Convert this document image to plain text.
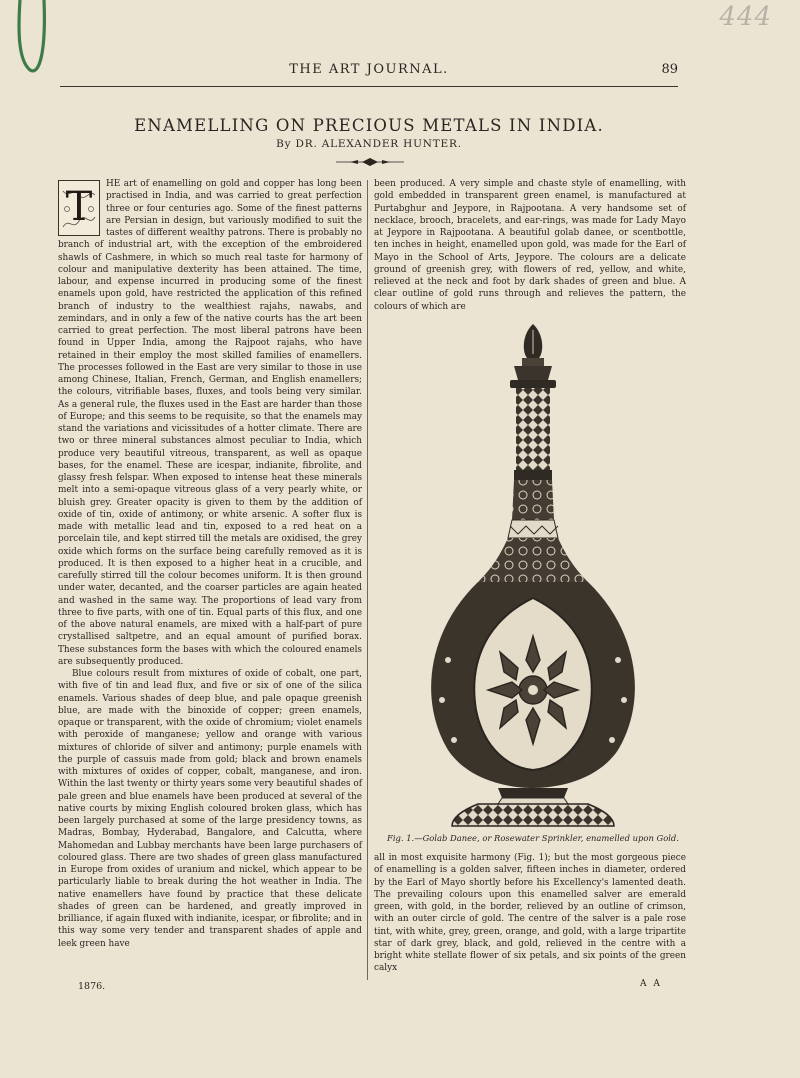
444
THE ART JOURNAL.	89
ENAMELLING ON PRECIOUS METALS IN INDIA.
By DR. ALEXANDER HUNTER.
T	HE art of enamelling on gold and copper has long been practised in India, and was carried to great perfection three or four centuries ago. Some of the finest patterns are Persian in design, but variously modified to suit the tastes of different wealthy patrons. There is probably no branch of industrial art, with the exception of the embroidered shawls of Cashmere, in which so much real taste for harmony of colour and manipulative dexterity has been attained. The time, labour, and expense incurred in producing some of the finest enamels upon gold, have restricted the application of this refined branch of industry to the wealthiest rajahs, nawabs, and zemindars, and in only a few of the native courts has the art been carried to great perfection. The most liberal patrons have been found in Upper India, among the Rajpoot rajahs, who have retained in their employ the most skilled families of enamellers. The processes followed in the East are very similar to those in use among Chinese, Italian, French, German, and English enamellers; the colours, vitrifiable bases, fluxes, and tools being very similar. As a general rule, the fluxes used in the East are harder than those of Europe; and this seems to be requisite, so that the enamels may stand the variations and vicissitudes of a hotter climate. There are two or three mineral substances almost peculiar to India, which produce very beautiful vitreous, transparent, as well as opaque bases, for the enamel. These are icespar, indianite, fibrolite, and glassy fresh felspar. When exposed to intense heat these minerals melt into a semi-opaque vitreous glass of a very pearly white, or bluish grey. Greater opacity is given to them by the addition of oxide of tin, oxide of antimony, or white arsenic. A softer flux is made with metallic lead and tin, exposed to a red heat on a porcelain tile, and kept stirred till the metals are oxidised, the grey oxide which forms on the surface being carefully removed as it is produced. It is then exposed to a higher heat in a crucible, and carefully stirred till the colour becomes uniform. It is then ground under water, decanted, and the coarser particles are again heated and washed in the same way. The proportions of lead vary from three to five parts, with one of tin. Equal parts of this flux, and one of the above natural enamels, are mixed with a half-part of pure crystallised saltpetre, and an equal amount of purified borax. These substances form the bases with which the coloured enamels are subsequently produced.

Blue colours result from mixtures of oxide of cobalt, one part, with five of tin and lead flux, and five or six of one of the silica enamels. Various shades of deep blue, and pale opaque greenish blue, are made with the binoxide of copper; green enamels, opaque or transparent, with the oxide of chromium; violet enamels with peroxide of manganese; yellow and orange with various mixtures of chloride of silver and antimony; purple enamels with the purple of cassuis made from gold; black and brown enamels with mixtures of oxides of copper, cobalt, manganese, and iron. Within the last twenty or thirty years some very beautiful shades of pale green and blue enamels have been produced at several of the native courts by mixing English coloured broken glass, which has been largely purchased at some of the large presidency towns, as Madras, Bombay, Hyderabad, Bangalore, and Calcutta, where Mahomedan and Lubbay merchants have been large purchasers of coloured glass. There are two shades of green glass manufactured in Europe from oxides of uranium and nickel, which appear to be particularly liable to break during the hot weather in India. The native enamellers have found by practice that these delicate shades of green can be hardened, and greatly improved in brilliance, if again fluxed with indianite, icespar, or fibrolite; and in this way some very tender and transparent shades of apple and leek green have

been produced. A very simple and chaste style of enamelling, with gold embedded in transparent green enamel, is manufactured at Purtabghur and Jeypore, in Rajpootana. A very handsome set of necklace, brooch, bracelets, and ear-rings, was made for Lady Mayo at Jeypore in Rajpootana. A beautiful golab danee, or scentbottle, ten inches in height, enamelled upon gold, was made for the Earl of Mayo in the School of Arts, Jeypore. The colours are a delicate ground of greenish grey, with flowers of red, yellow, and white, relieved at the neck and foot by dark shades of green and blue. A clear outline of gold runs through and relieves the pattern, the colours of which are

Fig. 1.—Golab Danee, or Rosewater Sprinkler, enamelled upon Gold.

all in most exquisite harmony (Fig. 1); but the most gorgeous piece of enamelling is a golden salver, fifteen inches in diameter, ordered by the Earl of Mayo shortly before his Excellency's lamented death. The prevailing colours upon this enamelled salver are emerald green, with gold, in the border, relieved by an outline of crimson, with an outer circle of gold. The centre of the salver is a pale rose tint, with white, grey, green, orange, and gold, with a large tripartite star of dark grey, black, and gold, relieved in the centre with a bright white stellate flower of six petals, and six points of the green calyx

1876.	A A
